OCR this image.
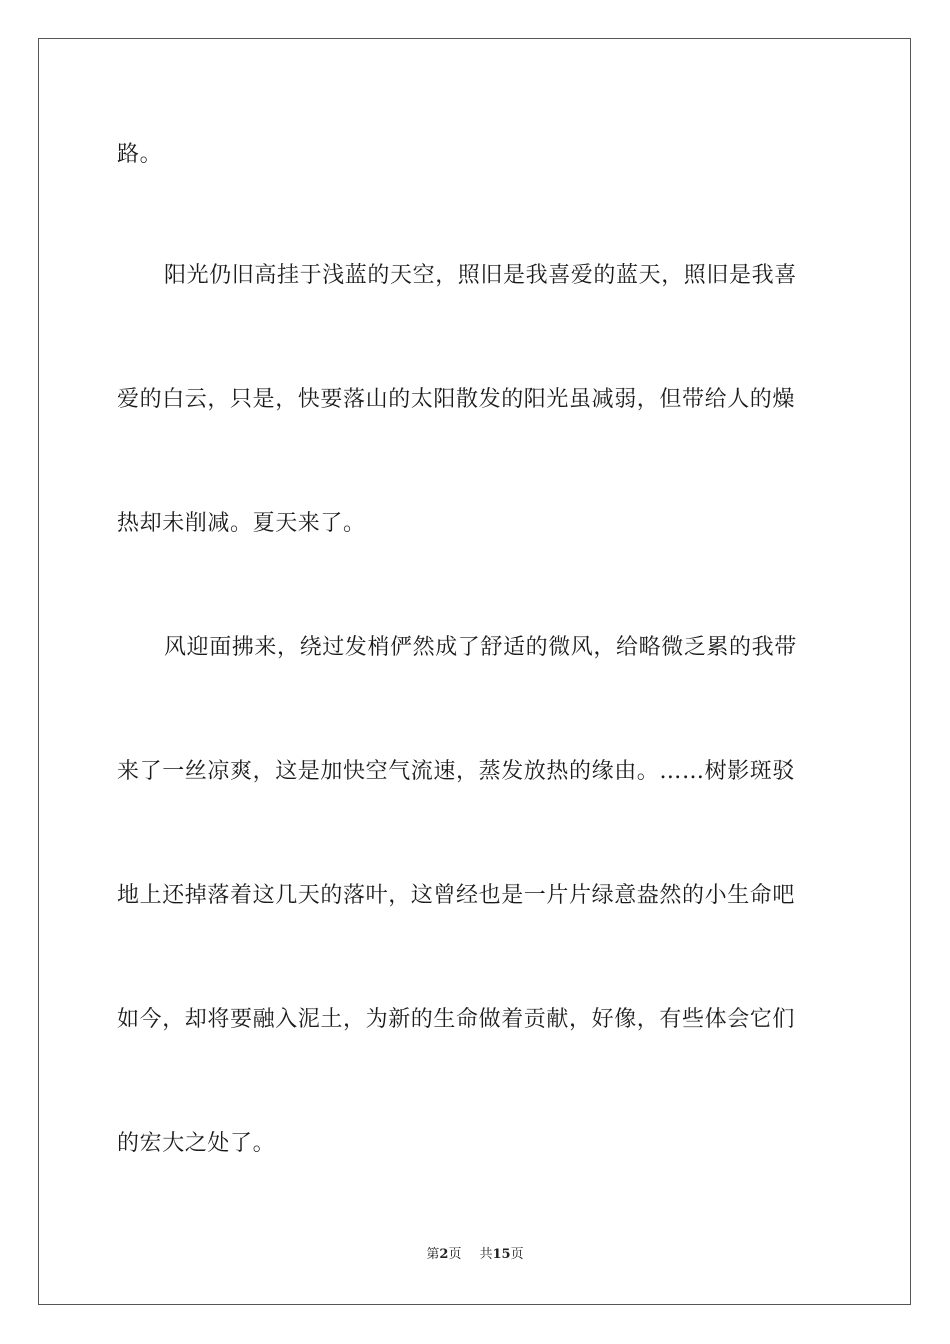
路。
阳光仍旧高挂于浅蓝的天空，照旧是我喜爱的蓝天，照旧是我喜
爱的白云，只是，快要落山的太阳散发的阳光虽减弱，但带给人的燥
热却未削减。夏天来了。
风迎面拂来，绕过发梢俨然成了舒适的微风，给略微乏累的我带
来了一丝凉爽，这是加快空气流速，蒸发放热的缘由。……树影斑驳
地上还掉落着这几天的落叶，这曾经也是一片片绿意盎然的小生命吧
如今，却将要融入泥土，为新的生命做着贡献，好像，有些体会它们
的宏大之处了。
第2页 共15页
